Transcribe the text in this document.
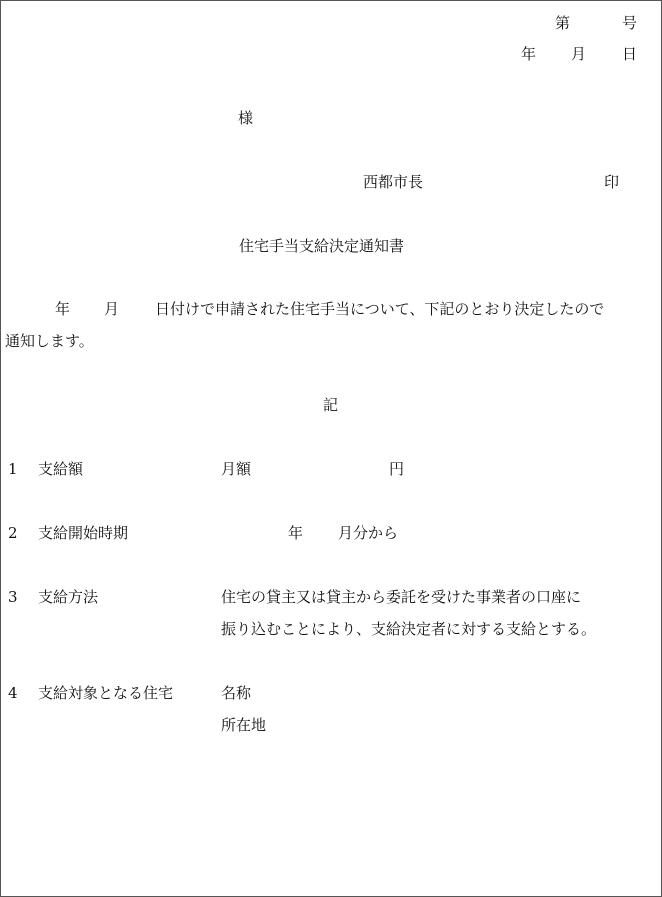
第	号
年 月 日
様
西都市長	印
住宅手当支給決定通知書
年 月 日付けで申請された住宅手当について、下記のとおり決定したので
通知します。
記
1 支給額	月額	円
2 支給開始時期	年 月分から
3 支給方法	住宅の貸主又は貸主から委託を受けた事業者の口座に
振り込むことにより、支給決定者に対する支給とする。
4 支給対象となる住宅	名称
所在地
